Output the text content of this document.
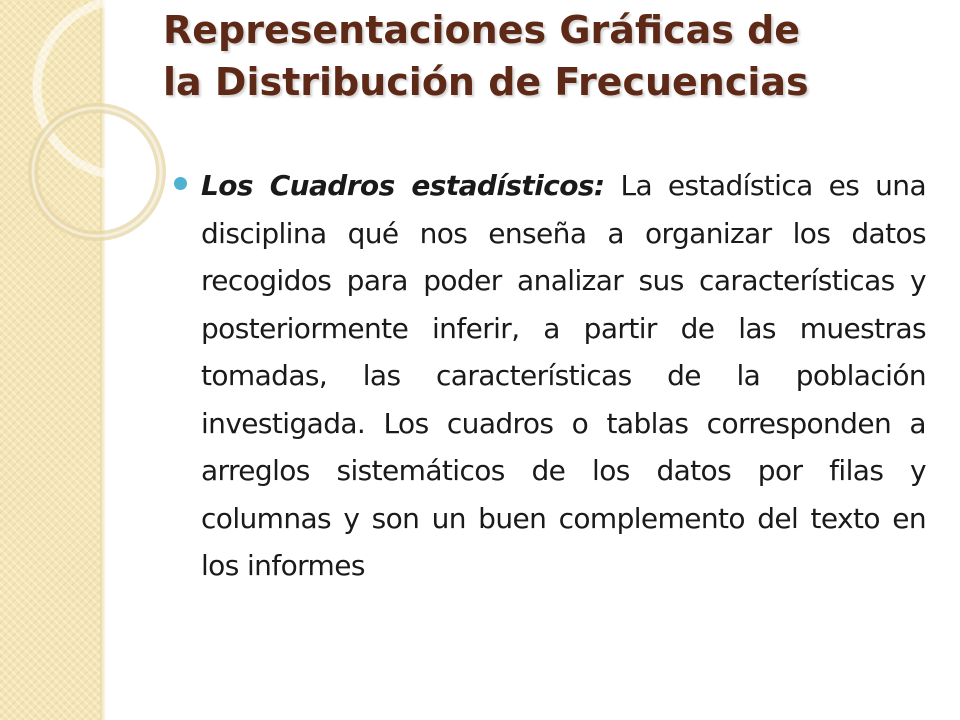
Representaciones Gráficas de
la Distribución de Frecuencias

Los Cuadros estadísticos: La estadística es una disciplina qué nos enseña a organizar los datos recogidos para poder analizar sus características y posteriormente inferir, a partir de las muestras tomadas, las características de la población investigada. Los cuadros o tablas corresponden a arreglos sistemáticos de los datos por filas y columnas y son un buen complemento del texto en los informes
